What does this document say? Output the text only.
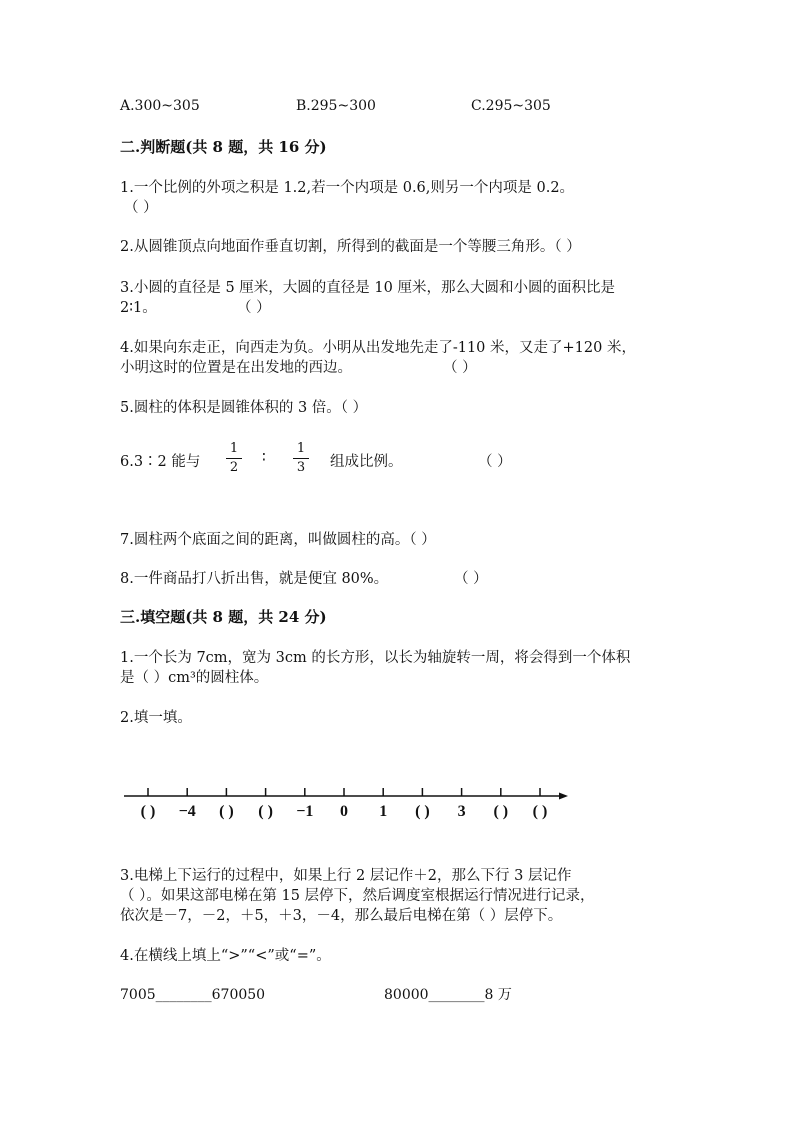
A.300~305	B.295~300	C.295~305
二.判断题(共 8 题，共 16 分)
1.一个比例的外项之积是 1.2,若一个内项是 0.6,则另一个内项是 0.2。
（ ）
2.从圆锥顶点向地面作垂直切割，所得到的截面是一个等腰三角形。（ ）
3.小圆的直径是 5 厘米，大圆的直径是 10 厘米，那么大圆和小圆的面积比是
2∶1。	（ ）
4.如果向东走正，向西走为负。小明从出发地先走了-110 米，又走了+120 米，
小明这时的位置是在出发地的西边。	（ ）
5.圆柱的体积是圆锥体积的 3 倍。（ ）
6.3∶2 能与
1
2
∶
1
3 组成比例。	（ ）
7.圆柱两个底面之间的距离，叫做圆柱的高。（ ）
8.一件商品打八折出售，就是便宜 80%。	（ ）
三.填空题(共 8 题，共 24 分)
1.一个长为 7cm，宽为 3cm 的长方形，以长为轴旋转一周，将会得到一个体积
是（ ）cm³的圆柱体。
2.填一填。
( ) −4 ( ) ( ) −1 0 1 ( ) 3 ( ) ( )
3.电梯上下运行的过程中，如果上行 2 层记作＋2，那么下行 3 层记作
（ ）。如果这部电梯在第 15 层停下，然后调度室根据运行情况进行记录，
依次是－7，－2，＋5，＋3，－4，那么最后电梯在第（ ）层停下。
4.在横线上填上“>”“<”或“=”。
7005________670050	80000________8 万
